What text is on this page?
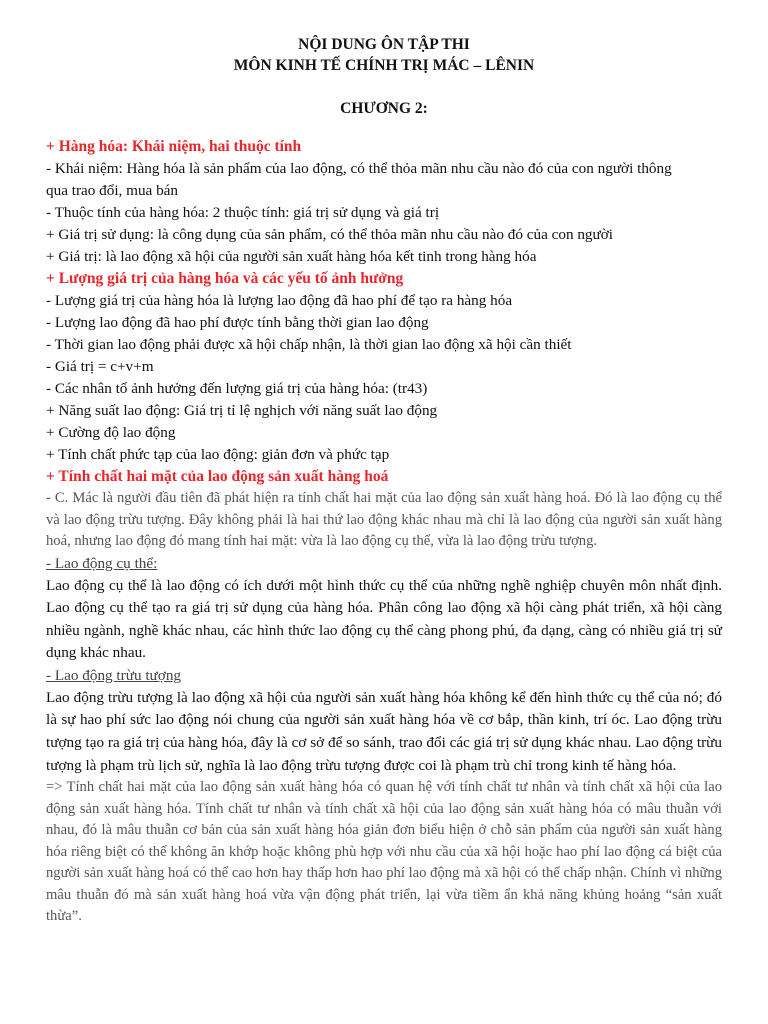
NỘI DUNG ÔN TẬP THI
MÔN KINH TẾ CHÍNH TRỊ MÁC – LÊNIN
CHƯƠNG 2:
+ Hàng hóa: Khái niệm, hai thuộc tính
- Khái niệm: Hàng hóa là sản phẩm của lao động, có thể thỏa mãn nhu cầu nào đó của con người thông
qua trao đổi, mua bán
- Thuộc tính của hàng hóa: 2 thuộc tính: giá trị sử dụng và giá trị
+ Giá trị sử dụng: là công dụng của sản phẩm, có thể thỏa mãn nhu cầu nào đó của con người
+ Giá trị: là lao động xã hội của người sản xuất hàng hóa kết tinh trong hàng hóa
+ Lượng giá trị của hàng hóa và các yếu tố ảnh hưởng
- Lượng giá trị của hàng hóa là lượng lao động đã hao phí để tạo ra hàng hóa
- Lượng lao động đã hao phí được tính bằng thời gian lao động
- Thời gian lao động phải được xã hội chấp nhận, là thời gian lao động xã hội cần thiết
- Giá trị = c+v+m
- Các nhân tố ảnh hưởng đến lượng giá trị của hàng hóa: (tr43)
+ Năng suất lao động: Giá trị tỉ lệ nghịch với năng suất lao động
+ Cường độ lao động
+ Tính chất phức tạp của lao động: giản đơn và phức tạp
+ Tính chất hai mặt của lao động sản xuất hàng hoá
- C. Mác là người đầu tiên đã phát hiện ra tính chất hai mặt của lao động sản xuất hàng hoá. Đó là lao động cụ thể và lao động trừu tượng. Đây không phải là hai thứ lao động khác nhau mà chỉ là lao động của người sản xuất hàng hoá, nhưng lao động đó mang tính hai mặt: vừa là lao động cụ thể, vừa là lao động trừu tượng.
- Lao động cụ thể:
Lao động cụ thể là lao động có ích dưới một hình thức cụ thể của những nghề nghiệp chuyên môn nhất định. Lao động cụ thể tạo ra giá trị sử dụng của hàng hóa. Phân công lao động xã hội càng phát triển, xã hội càng nhiều ngành, nghề khác nhau, các hình thức lao động cụ thể càng phong phú, đa dạng, càng có nhiều giá trị sử dụng khác nhau.
- Lao động trừu tượng
Lao động trừu tượng là lao động xã hội của người sản xuất hàng hóa không kể đến hình thức cụ thể của nó; đó là sự hao phí sức lao động nói chung của người sản xuất hàng hóa về cơ bắp, thần kinh, trí óc. Lao động trừu tượng tạo ra giá trị của hàng hóa, đây là cơ sở để so sánh, trao đổi các giá trị sử dụng khác nhau. Lao động trừu tượng là phạm trù lịch sử, nghĩa là lao động trừu tượng được coi là phạm trù chỉ trong kinh tế hàng hóa.
=> Tính chất hai mặt của lao động sản xuất hàng hóa có quan hệ với tính chất tư nhân và tính chất xã hội của lao động sản xuất hàng hóa. Tính chất tư nhân và tính chất xã hội của lao động sản xuất hàng hóa có mâu thuẫn với nhau, đó là mâu thuẫn cơ bản của sản xuất hàng hóa giản đơn biểu hiện ở chỗ sản phẩm của người sản xuất hàng hóa riêng biệt có thể không ăn khớp hoặc không phù hợp với nhu cầu của xã hội hoặc hao phí lao động cá biệt của người sản xuất hàng hoá có thể cao hơn hay thấp hơn hao phí lao động mà xã hội có thể chấp nhận. Chính vì những mâu thuẫn đó mà sản xuất hàng hoá vừa vận động phát triển, lại vừa tiềm ẩn khả năng khủng hoảng “sản xuất thừa”.
